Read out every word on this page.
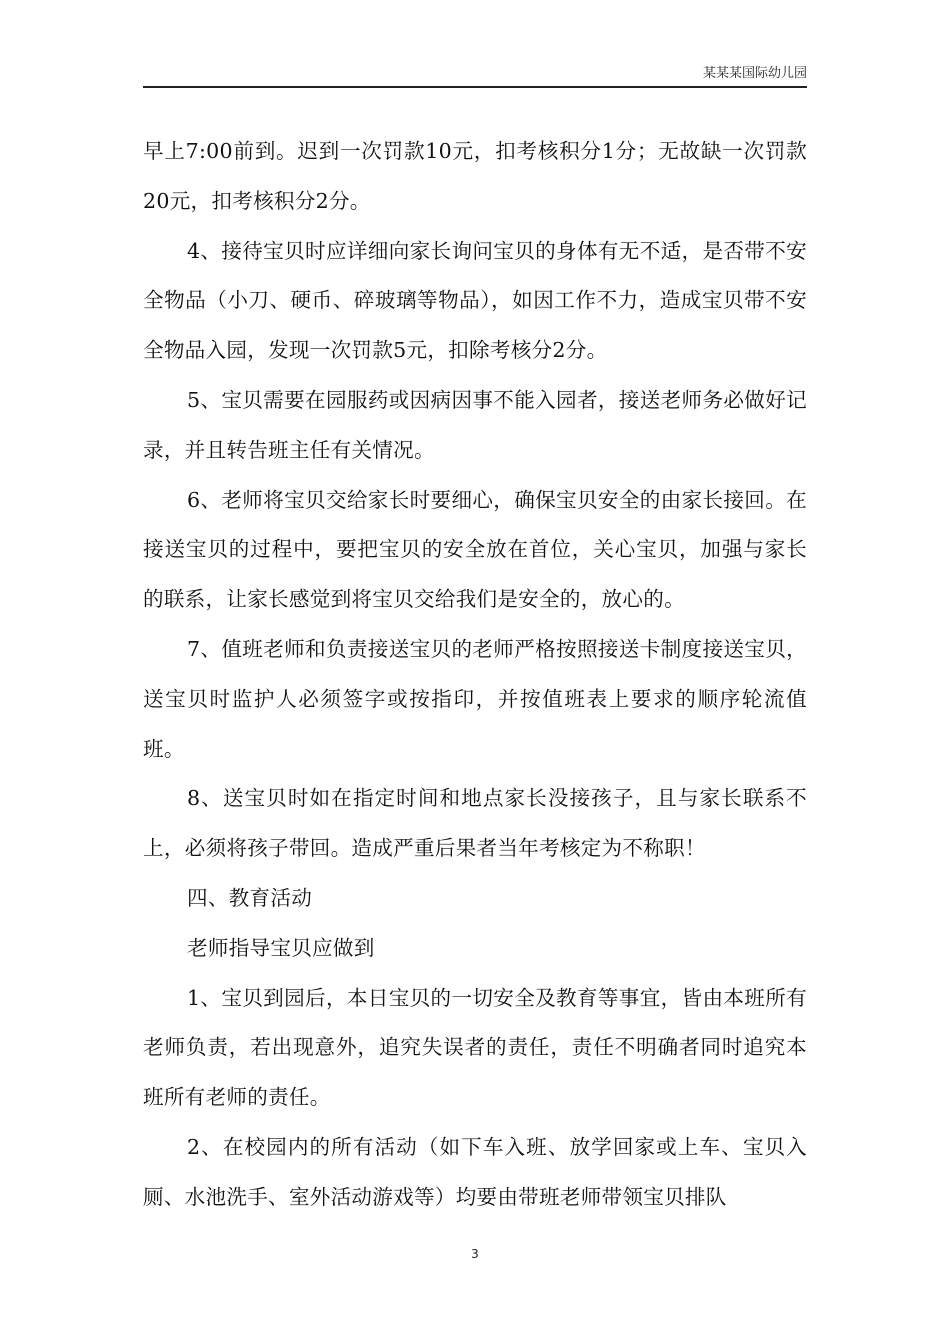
某某某国际幼儿园

早上7:00前到。迟到一次罚款10元，扣考核积分1分；无故缺一次罚款20元，扣考核积分2分。

4、接待宝贝时应详细向家长询问宝贝的身体有无不适，是否带不安全物品（小刀、硬币、碎玻璃等物品），如因工作不力，造成宝贝带不安全物品入园，发现一次罚款5元，扣除考核分2分。

5、宝贝需要在园服药或因病因事不能入园者，接送老师务必做好记录，并且转告班主任有关情况。

6、老师将宝贝交给家长时要细心，确保宝贝安全的由家长接回。在接送宝贝的过程中，要把宝贝的安全放在首位，关心宝贝，加强与家长的联系，让家长感觉到将宝贝交给我们是安全的，放心的。

7、值班老师和负责接送宝贝的老师严格按照接送卡制度接送宝贝，送宝贝时监护人必须签字或按指印，并按值班表上要求的顺序轮流值班。

8、送宝贝时如在指定时间和地点家长没接孩子，且与家长联系不上，必须将孩子带回。造成严重后果者当年考核定为不称职！

四、教育活动

老师指导宝贝应做到

1、宝贝到园后，本日宝贝的一切安全及教育等事宜，皆由本班所有老师负责，若出现意外，追究失误者的责任，责任不明确者同时追究本班所有老师的责任。

2、在校园内的所有活动（如下车入班、放学回家或上车、宝贝入厕、水池洗手、室外活动游戏等）均要由带班老师带领宝贝排队

3
